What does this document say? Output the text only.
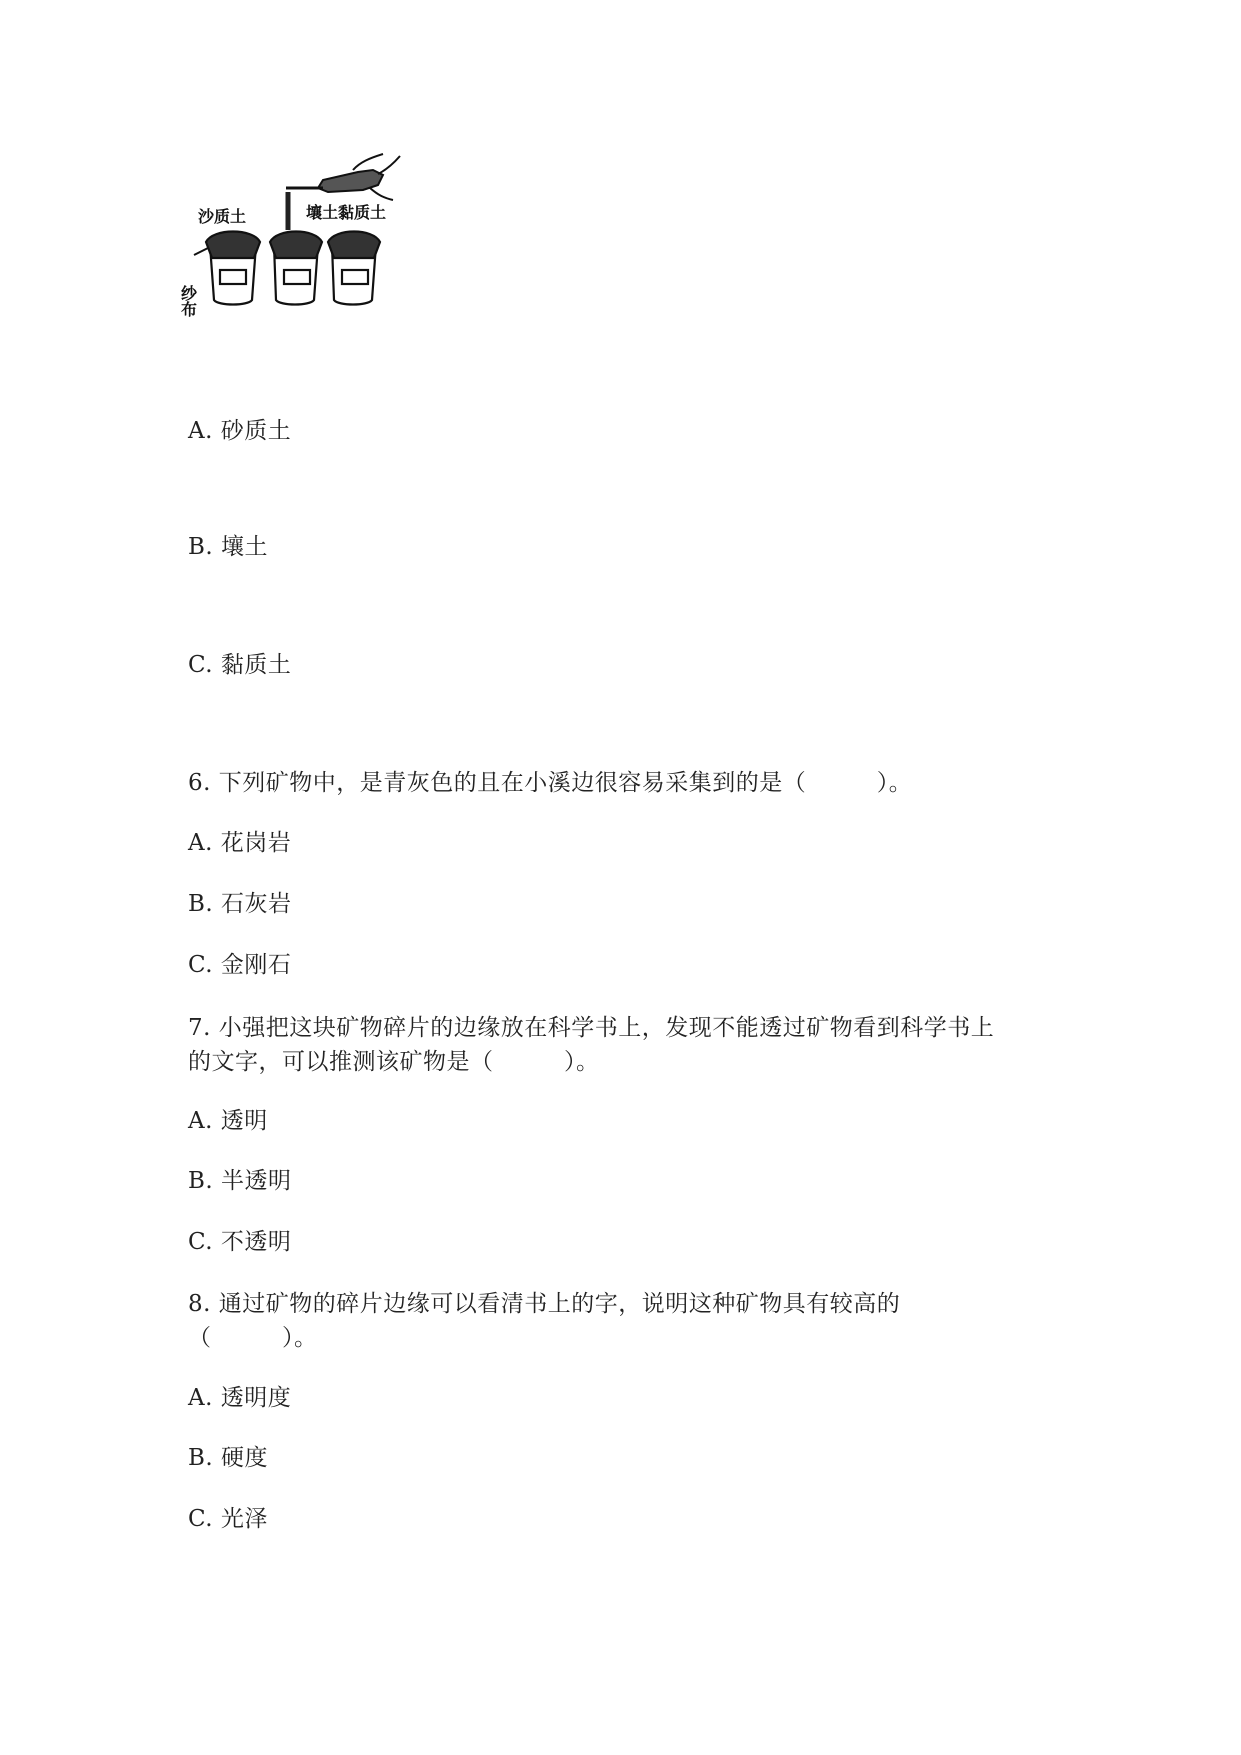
沙质土	壤土 黏质土
纱布
A. 砂质土
B. 壤土
C. 黏质土
6. 下列矿物中，是青灰色的且在小溪边很容易采集到的是（　　　）。
A. 花岗岩
B. 石灰岩
C. 金刚石
7. 小强把这块矿物碎片的边缘放在科学书上，发现不能透过矿物看到科学书上
的文字，可以推测该矿物是（　　　）。
A. 透明
B. 半透明
C. 不透明
8. 通过矿物的碎片边缘可以看清书上的字，说明这种矿物具有较高的
（　　　）。
A. 透明度
B. 硬度
C. 光泽
